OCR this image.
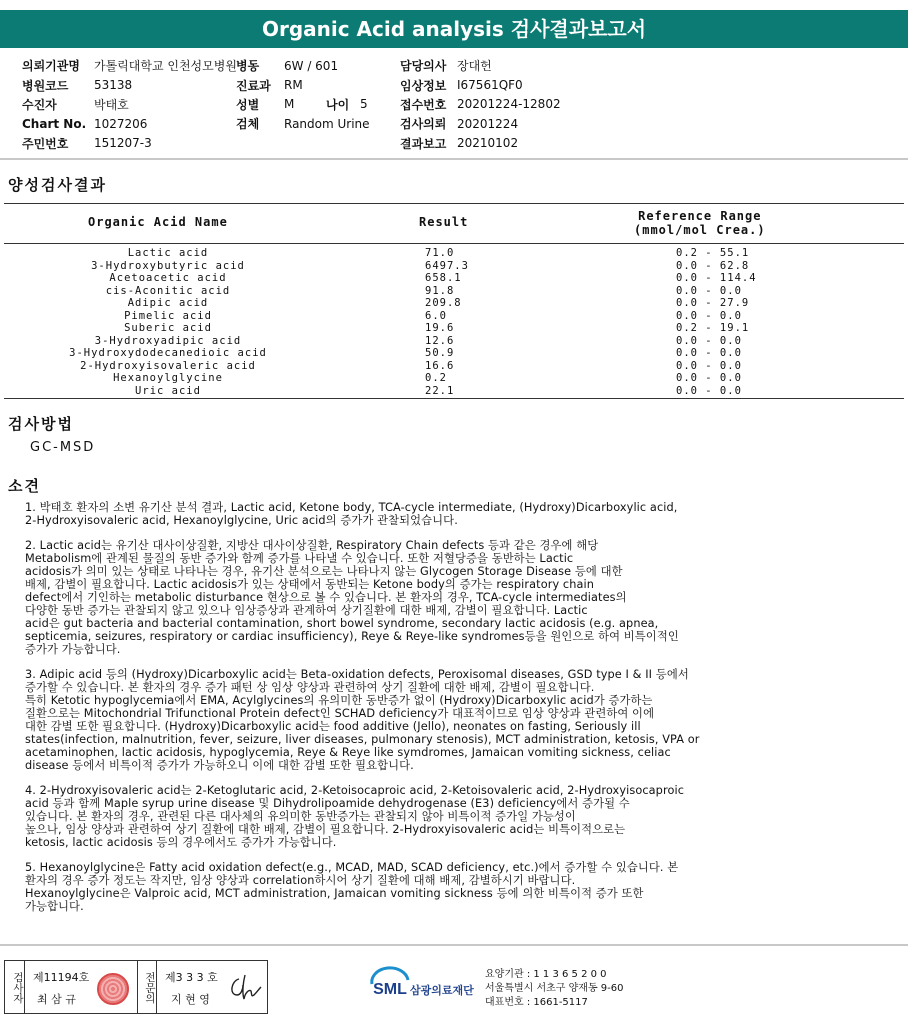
Organic Acid analysis 검사결과보고서
의뢰기관명	가톨릭대학교 인천성모병원
병원코드	53138
수진자	박태호
Chart No. 1027206
주민번호	151207-3
병동	6W / 601
진료과	RM
성별	M	나이 5
검체	Random Urine
담당의사 장대헌
임상정보 I67561QF0
접수번호 20201224-12802
검사의뢰 20201224
결과보고 20210102
양성검사결과
Organic Acid Name	Result	Reference Range
(mmol/mol Crea.)
Lactic acid	71.0	0.2 - 55.1
3-Hydroxybutyric acid	6497.3	0.0 - 62.8
Acetoacetic acid	658.1	0.0 - 114.4
cis-Aconitic acid	91.8	0.0 - 0.0
Adipic acid	209.8	0.0 - 27.9
Pimelic acid	6.0	0.0 - 0.0
Suberic acid	19.6	0.2 - 19.1
3-Hydroxyadipic acid	12.6	0.0 - 0.0
3-Hydroxydodecanedioic acid	50.9	0.0 - 0.0
2-Hydroxyisovaleric acid	16.6	0.0 - 0.0
Hexanoylglycine	0.2	0.0 - 0.0
Uric acid	22.1	0.0 - 0.0
검사방법
GC-MSD
소견

1. 박태호 환자의 소변 유기산 분석 결과, Lactic acid, Ketone body, TCA-cycle intermediate, (Hydroxy)Dicarboxylic acid,
2-Hydroxyisovaleric acid, Hexanoylglycine, Uric acid의 증가가 관찰되었습니다.

2. Lactic acid는 유기산 대사이상질환, 지방산 대사이상질환, Respiratory Chain defects 등과 같은 경우에 해당
Metabolism에 관계된 물질의 동반 증가와 함께 증가를 나타낼 수 있습니다. 또한 저혈당증을 동반하는 Lactic
acidosis가 의미 있는 상태로 나타나는 경우, 유기산 분석으로는 나타나지 않는 Glycogen Storage Disease 등에 대한
배제, 감별이 필요합니다. Lactic acidosis가 있는 상태에서 동반되는 Ketone body의 증가는 respiratory chain
defect에서 기인하는 metabolic disturbance 현상으로 볼 수 있습니다. 본 환자의 경우, TCA-cycle intermediates의
다양한 동반 증가는 관찰되지 않고 있으나 임상증상과 관계하여 상기질환에 대한 배제, 감별이 필요합니다. Lactic
acid은 gut bacteria and bacterial contamination, short bowel syndrome, secondary lactic acidosis (e.g. apnea,
septicemia, seizures, respiratory or cardiac insufficiency), Reye & Reye-like syndromes등을 원인으로 하여 비특이적인
증가가 가능합니다.

3. Adipic acid 등의 (Hydroxy)Dicarboxylic acid는 Beta-oxidation defects, Peroxisomal diseases, GSD type I & II 등에서
증가할 수 있습니다. 본 환자의 경우 증가 패턴 상 임상 양상과 관련하여 상기 질환에 대한 배제, 감별이 필요합니다.
특히 Ketotic hypoglycemia에서 EMA, Acylglycines의 유의미한 동반증가 없이 (Hydroxy)Dicarboxylic acid가 증가하는
질환으로는 Mitochondrial Trifunctional Protein defect인 SCHAD deficiency가 대표적이므로 임상 양상과 관련하여 이에
대한 감별 또한 필요합니다. (Hydroxy)Dicarboxylic acid는 food additive (Jello), neonates on fasting, Seriously ill
states(infection, malnutrition, fever, seizure, liver diseases, pulmonary stenosis), MCT administration, ketosis, VPA or
acetaminophen, lactic acidosis, hypoglycemia, Reye & Reye like symdromes, Jamaican vomiting sickness, celiac
disease 등에서 비특이적 증가가 가능하오니 이에 대한 감별 또한 필요합니다.

4. 2-Hydroxyisovaleric acid는 2-Ketoglutaric acid, 2-Ketoisocaproic acid, 2-Ketoisovaleric acid, 2-Hydroxyisocaproic
acid 등과 함께 Maple syrup urine disease 및 Dihydrolipoamide dehydrogenase (E3) deficiency에서 증가될 수
있습니다. 본 환자의 경우, 관련된 다른 대사체의 유의미한 동반증가는 관찰되지 않아 비특이적 증가일 가능성이
높으나, 임상 양상과 관련하여 상기 질환에 대한 배제, 감별이 필요합니다. 2-Hydroxyisovaleric acid는 비특이적으로는
ketosis, lactic acidosis 등의 경우에서도 증가가 가능합니다.

5. Hexanoylglycine은 Fatty acid oxidation defect(e.g., MCAD, MAD, SCAD deficiency, etc.)에서 증가할 수 있습니다. 본
환자의 경우 증가 정도는 작지만, 임상 양상과 correlation하시어 상기 질환에 대해 배제, 감별하시기 바랍니다.
Hexanoylglycine은 Valproic acid, MCT administration, Jamaican vomiting sickness 등에 의한 비특이적 증가 또한
가능합니다.

검사자 제11194호
최 삼 규	전문의 제3 3 3 호
지 현 영
SML 삼광의료재단
요양기관 : 1 1 3 6 5 2 0 0
서울특별시 서초구 양재동 9-60
대표번호 : 1661-5117
